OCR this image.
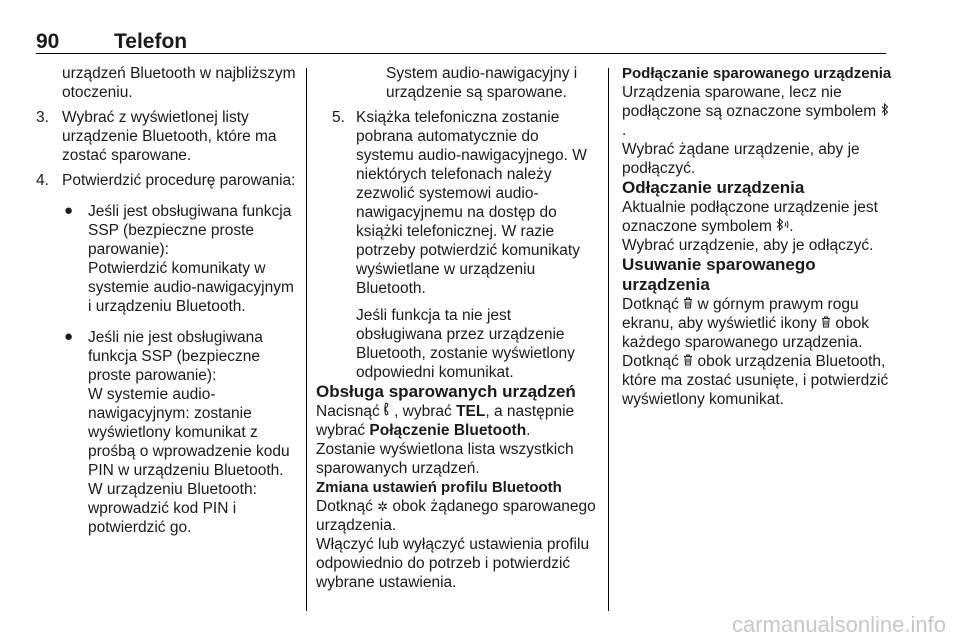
90	Telefon

urządzeń Bluetooth w najbliższym otoczeniu.

3. Wybrać z wyświetlonej listy urządzenie Bluetooth, które ma zostać sparowane.
4. Potwierdzić procedurę parowania:
● Jeśli jest obsługiwana funkcja SSP (bezpieczne proste parowanie):

Potwierdzić komunikaty w systemie audio-nawigacyjnym i urządzeniu Bluetooth.

● Jeśli nie jest obsługiwana funkcja SSP (bezpieczne proste parowanie):

W systemie audio-nawigacyjnym: zostanie wyświetlony komunikat z prośbą o wprowadzenie kodu PIN w urządzeniu Bluetooth.

W urządzeniu Bluetooth: wprowadzić kod PIN i potwierdzić go.

System audio-nawigacyjny i urządzenie są sparowane.

5. Książka telefoniczna zostanie pobrana automatycznie do systemu audio-nawigacyjnego. W niektórych telefonach należy zezwolić systemowi audio-nawigacyjnemu na dostęp do książki telefonicznej. W razie potrzeby potwierdzić komunikaty wyświetlane w urządzeniu Bluetooth.

Jeśli funkcja ta nie jest obsługiwana przez urządzenie Bluetooth, zostanie wyświetlony odpowiedni komunikat.

Obsługa sparowanych urządzeń

Nacisnąć , wybrać TEL, a następnie wybrać Połączenie Bluetooth.

Zostanie wyświetlona lista wszystkich sparowanych urządzeń.

Zmiana ustawień profilu Bluetooth

Dotknąć ✲ obok żądanego sparowanego urządzenia.

Włączyć lub wyłączyć ustawienia profilu odpowiednio do potrzeb i potwierdzić wybrane ustawienia.

Podłączanie sparowanego urządzenia

Urządzenia sparowane, lecz nie podłączone są oznaczone symbolem .

Wybrać żądane urządzenie, aby je podłączyć.

Odłączanie urządzenia

Aktualnie podłączone urządzenie jest oznaczone symbolem .

Wybrać urządzenie, aby je odłączyć.

Usuwanie sparowanego urządzenia

Dotknąć w górnym prawym rogu ekranu, aby wyświetlić ikony obok każdego sparowanego urządzenia.

Dotknąć obok urządzenia Bluetooth, które ma zostać usunięte, i potwierdzić wyświetlony komunikat.

carmanualsonline.info
